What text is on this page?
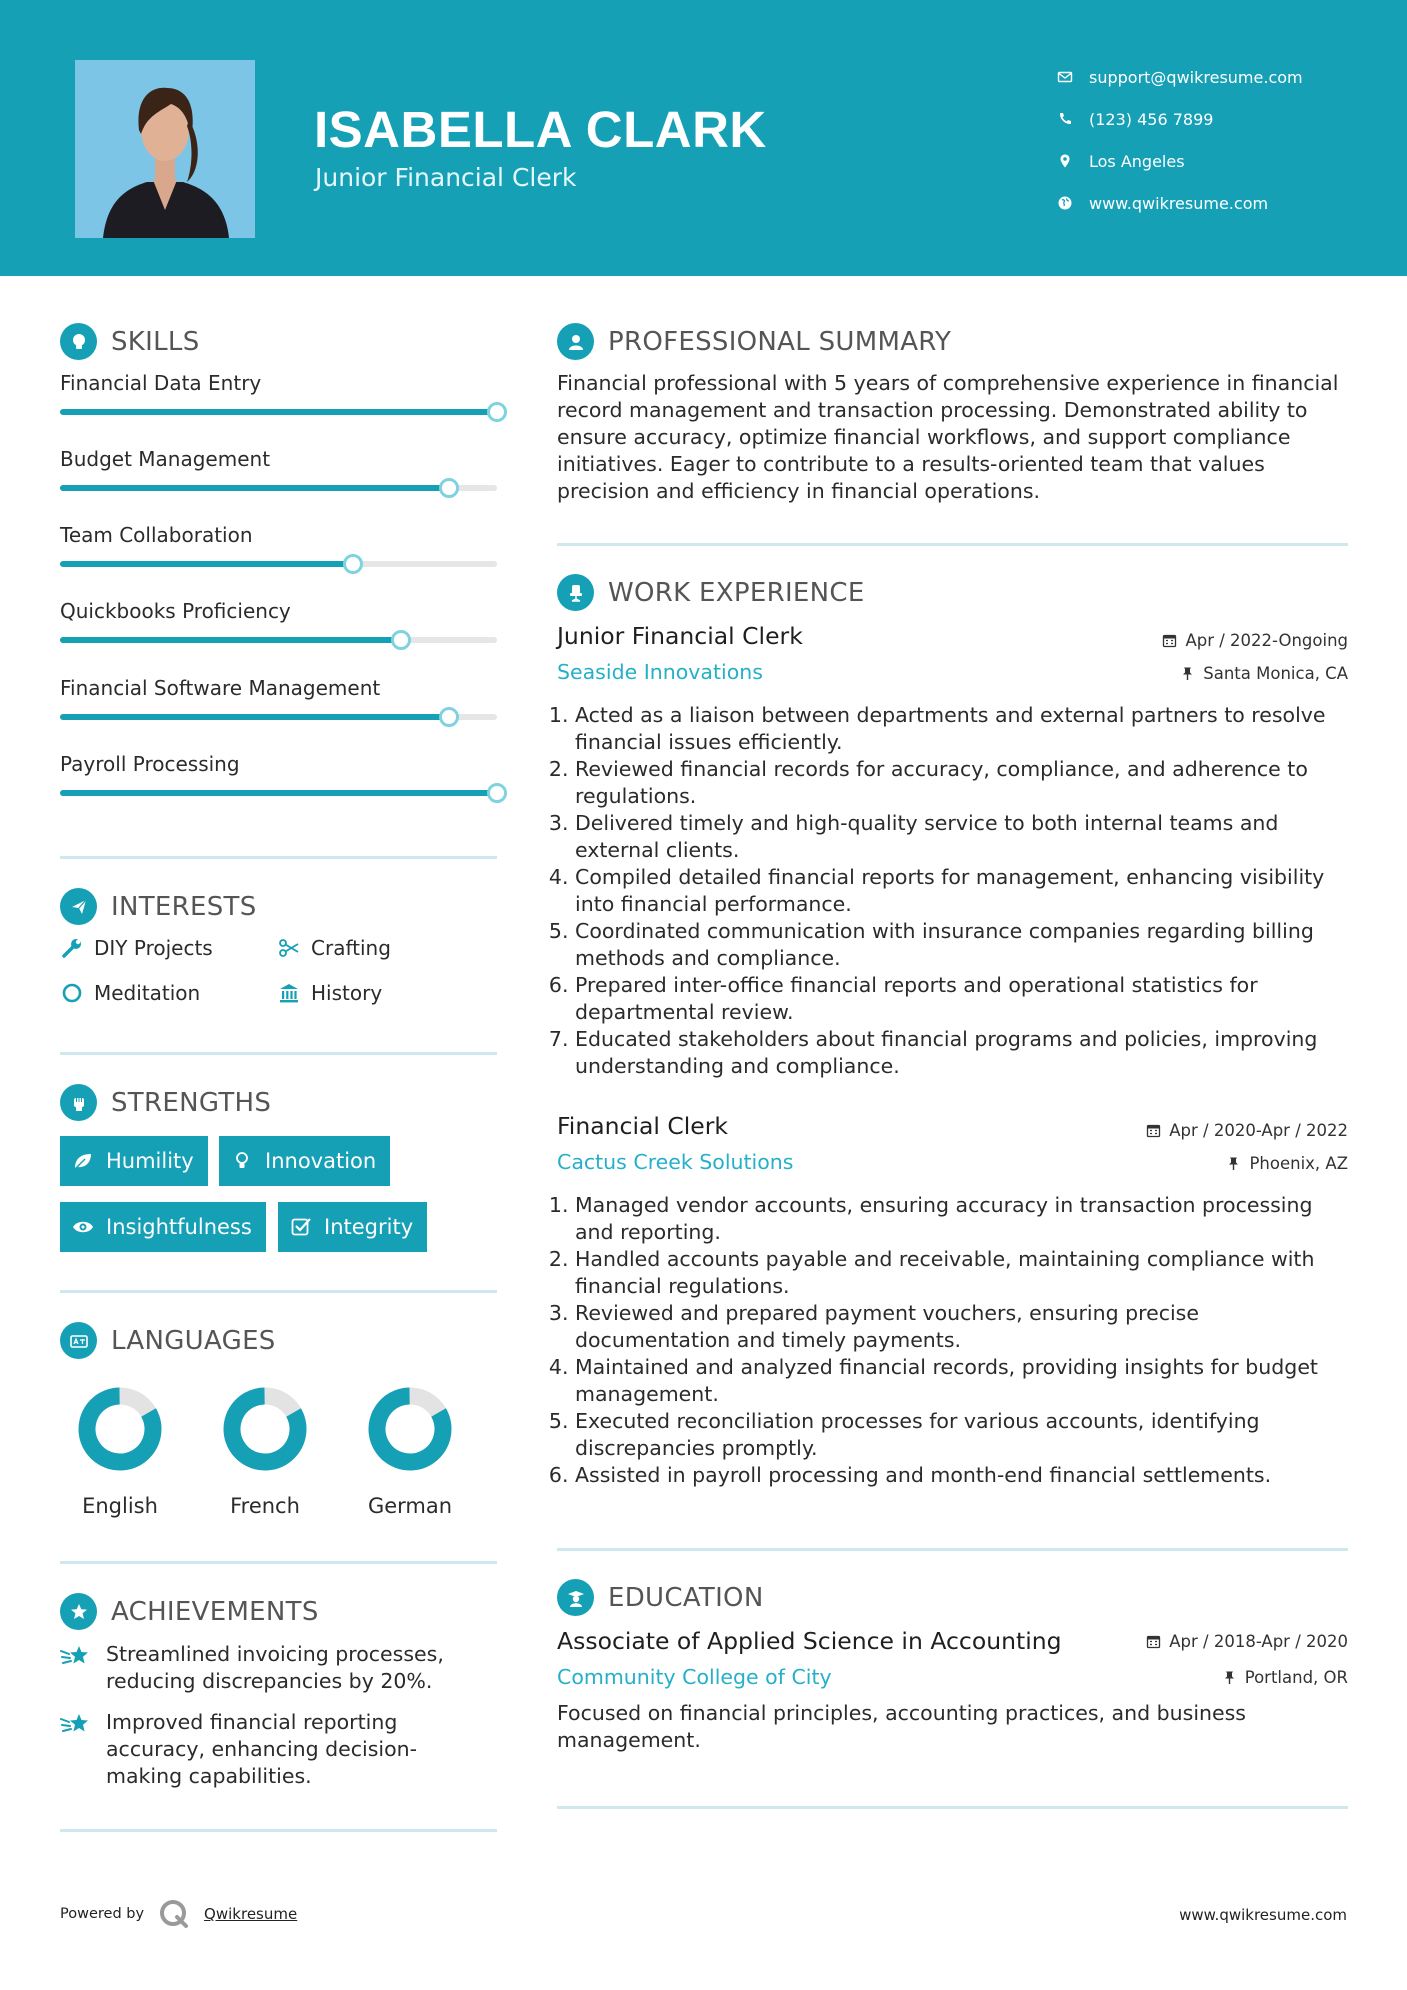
ISABELLA CLARK
Junior Financial Clerk
support@qwikresume.com
(123) 456 7899
Los Angeles
www.qwikresume.com
SKILLS
Financial Data Entry
Budget Management
Team Collaboration
Quickbooks Proficiency
Financial Software Management
Payroll Processing
INTERESTS
DIY Projects	Crafting
Meditation	History
STRENGTHS
Humility	Innovation
Insightfulness	Integrity
LANGUAGES
English	French	German
ACHIEVEMENTS
Streamlined invoicing processes, reducing discrepancies by 20%.
Improved financial reporting accuracy, enhancing decision-making capabilities.
PROFESSIONAL SUMMARY
Financial professional with 5 years of comprehensive experience in financial record management and transaction processing. Demonstrated ability to ensure accuracy, optimize financial workflows, and support compliance initiatives. Eager to contribute to a results-oriented team that values precision and efficiency in financial operations.
WORK EXPERIENCE
Junior Financial Clerk	Apr / 2022-Ongoing
Seaside Innovations	Santa Monica, CA
1. Acted as a liaison between departments and external partners to resolve financial issues efficiently.
2. Reviewed financial records for accuracy, compliance, and adherence to regulations.
3. Delivered timely and high-quality service to both internal teams and external clients.
4. Compiled detailed financial reports for management, enhancing visibility into financial performance.
5. Coordinated communication with insurance companies regarding billing methods and compliance.
6. Prepared inter-office financial reports and operational statistics for departmental review.
7. Educated stakeholders about financial programs and policies, improving understanding and compliance.
Financial Clerk	Apr / 2020-Apr / 2022
Cactus Creek Solutions	Phoenix, AZ
1. Managed vendor accounts, ensuring accuracy in transaction processing and reporting.
2. Handled accounts payable and receivable, maintaining compliance with financial regulations.
3. Reviewed and prepared payment vouchers, ensuring precise documentation and timely payments.
4. Maintained and analyzed financial records, providing insights for budget management.
5. Executed reconciliation processes for various accounts, identifying discrepancies promptly.
6. Assisted in payroll processing and month-end financial settlements.
EDUCATION
Associate of Applied Science in Accounting	Apr / 2018-Apr / 2020
Community College of City	Portland, OR
Focused on financial principles, accounting practices, and business management.
Powered by	Qwikresume	www.qwikresume.com
